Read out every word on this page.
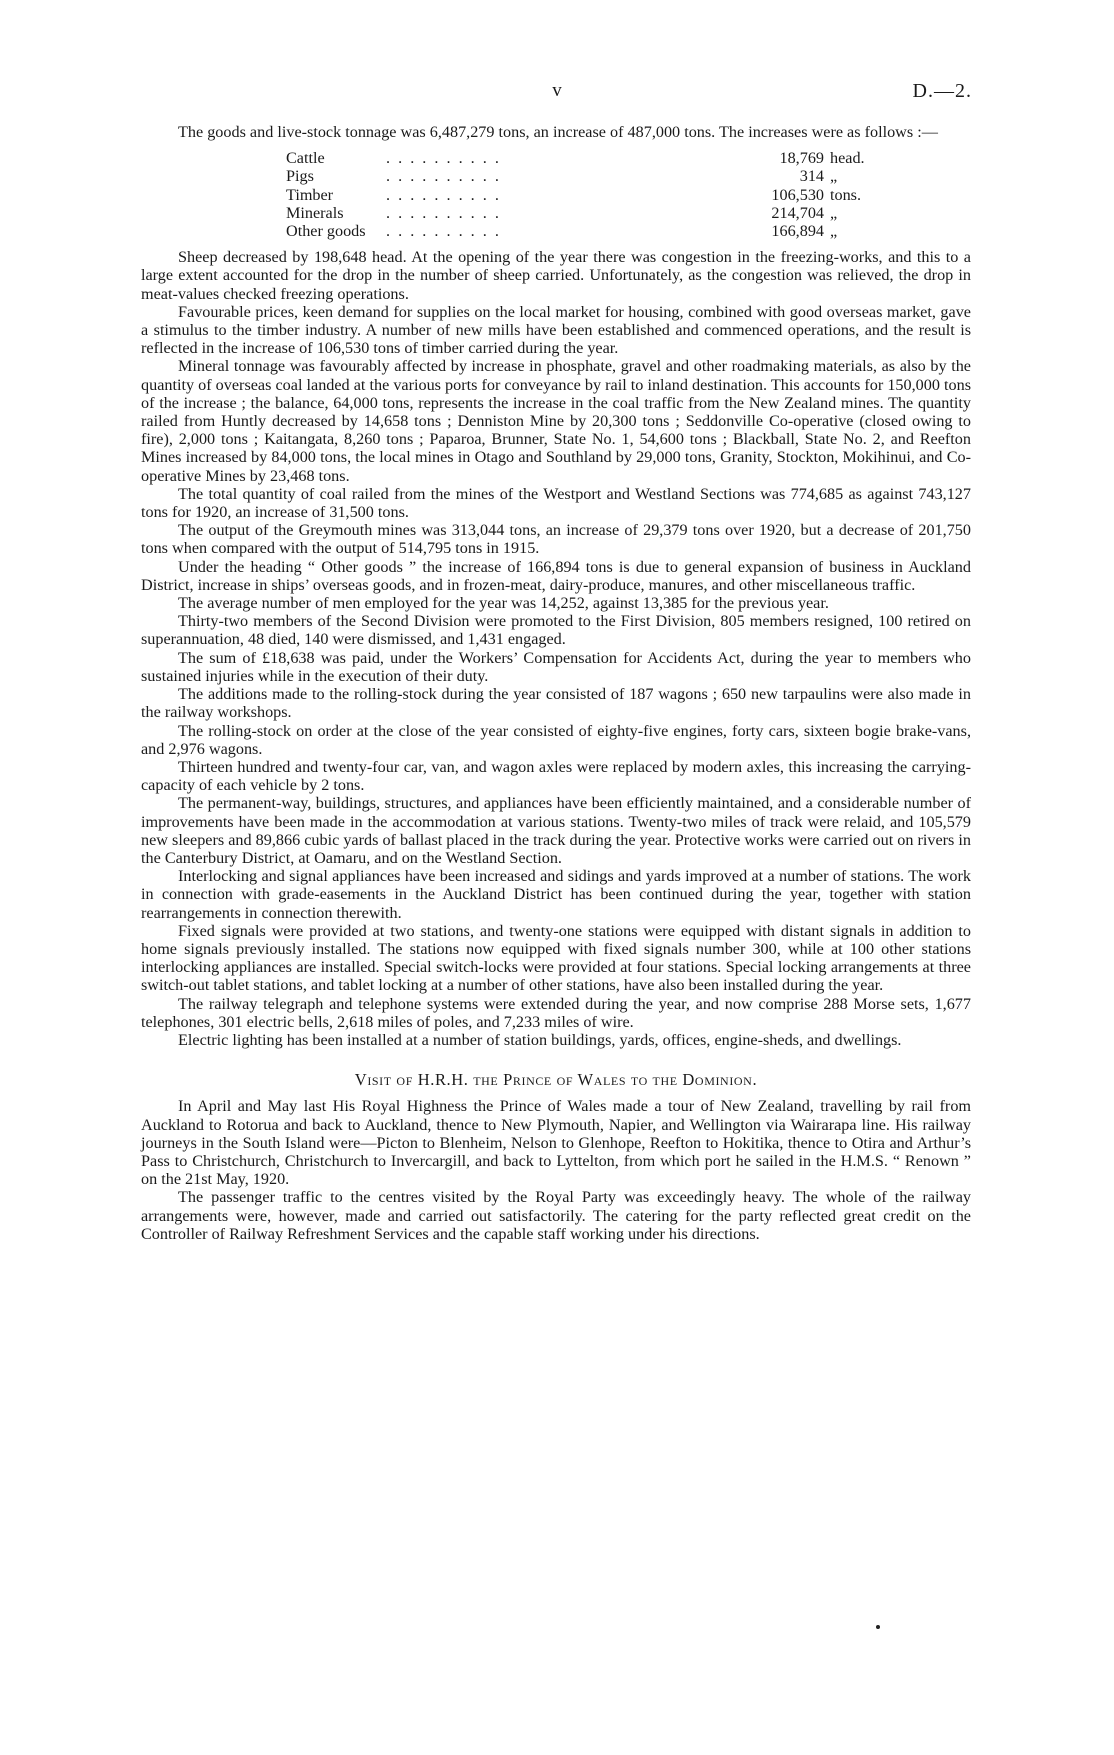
v	D.—2.

The goods and live-stock tonnage was 6,487,279 tons, an increase of 487,000 tons. The increases were as follows :—

Cattle	. . . . . . . . . .	18,769	head.
Pigs	. . . . . . . . . .	314	„
Timber	. . . . . . . . . .	106,530	tons.
Minerals	. . . . . . . . . .	214,704	„
Other goods	. . . . . . . . . .	166,894	„

Sheep decreased by 198,648 head. At the opening of the year there was congestion in the freezing-works, and this to a large extent accounted for the drop in the number of sheep carried. Unfortunately, as the congestion was relieved, the drop in meat-values checked freezing operations.

Favourable prices, keen demand for supplies on the local market for housing, combined with good overseas market, gave a stimulus to the timber industry. A number of new mills have been established and commenced operations, and the result is reflected in the increase of 106,530 tons of timber carried during the year.

Mineral tonnage was favourably affected by increase in phosphate, gravel and other roadmaking materials, as also by the quantity of overseas coal landed at the various ports for conveyance by rail to inland destination. This accounts for 150,000 tons of the increase ; the balance, 64,000 tons, represents the increase in the coal traffic from the New Zealand mines. The quantity railed from Huntly decreased by 14,658 tons ; Denniston Mine by 20,300 tons ; Seddonville Co-operative (closed owing to fire), 2,000 tons ; Kaitangata, 8,260 tons ; Paparoa, Brunner, State No. 1, 54,600 tons ; Blackball, State No. 2, and Reefton Mines increased by 84,000 tons, the local mines in Otago and Southland by 29,000 tons, Granity, Stockton, Mokihinui, and Co-operative Mines by 23,468 tons.

The total quantity of coal railed from the mines of the Westport and Westland Sections was 774,685 as against 743,127 tons for 1920, an increase of 31,500 tons.

The output of the Greymouth mines was 313,044 tons, an increase of 29,379 tons over 1920, but a decrease of 201,750 tons when compared with the output of 514,795 tons in 1915.

Under the heading “ Other goods ” the increase of 166,894 tons is due to general expansion of business in Auckland District, increase in ships’ overseas goods, and in frozen-meat, dairy-produce, manures, and other miscellaneous traffic.

The average number of men employed for the year was 14,252, against 13,385 for the previous year.

Thirty-two members of the Second Division were promoted to the First Division, 805 members resigned, 100 retired on superannuation, 48 died, 140 were dismissed, and 1,431 engaged.

The sum of £18,638 was paid, under the Workers’ Compensation for Accidents Act, during the year to members who sustained injuries while in the execution of their duty.

The additions made to the rolling-stock during the year consisted of 187 wagons ; 650 new tarpaulins were also made in the railway workshops.

The rolling-stock on order at the close of the year consisted of eighty-five engines, forty cars, sixteen bogie brake-vans, and 2,976 wagons.

Thirteen hundred and twenty-four car, van, and wagon axles were replaced by modern axles, this increasing the carrying-capacity of each vehicle by 2 tons.

The permanent-way, buildings, structures, and appliances have been efficiently maintained, and a considerable number of improvements have been made in the accommodation at various stations. Twenty-two miles of track were relaid, and 105,579 new sleepers and 89,866 cubic yards of ballast placed in the track during the year. Protective works were carried out on rivers in the Canterbury District, at Oamaru, and on the Westland Section.

Interlocking and signal appliances have been increased and sidings and yards improved at a number of stations. The work in connection with grade-easements in the Auckland District has been continued during the year, together with station rearrangements in connection therewith.

Fixed signals were provided at two stations, and twenty-one stations were equipped with distant signals in addition to home signals previously installed. The stations now equipped with fixed signals number 300, while at 100 other stations interlocking appliances are installed. Special switch-locks were provided at four stations. Special locking arrangements at three switch-out tablet stations, and tablet locking at a number of other stations, have also been installed during the year.

The railway telegraph and telephone systems were extended during the year, and now comprise 288 Morse sets, 1,677 telephones, 301 electric bells, 2,618 miles of poles, and 7,233 miles of wire.

Electric lighting has been installed at a number of station buildings, yards, offices, engine-sheds, and dwellings.

Visit of H.R.H. the Prince of Wales to the Dominion.

In April and May last His Royal Highness the Prince of Wales made a tour of New Zealand, travelling by rail from Auckland to Rotorua and back to Auckland, thence to New Plymouth, Napier, and Wellington via Wairarapa line. His railway journeys in the South Island were—Picton to Blenheim, Nelson to Glenhope, Reefton to Hokitika, thence to Otira and Arthur’s Pass to Christchurch, Christchurch to Invercargill, and back to Lyttelton, from which port he sailed in the H.M.S. “ Renown ” on the 21st May, 1920.

The passenger traffic to the centres visited by the Royal Party was exceedingly heavy. The whole of the railway arrangements were, however, made and carried out satisfactorily. The catering for the party reflected great credit on the Controller of Railway Refreshment Services and the capable staff working under his directions.
